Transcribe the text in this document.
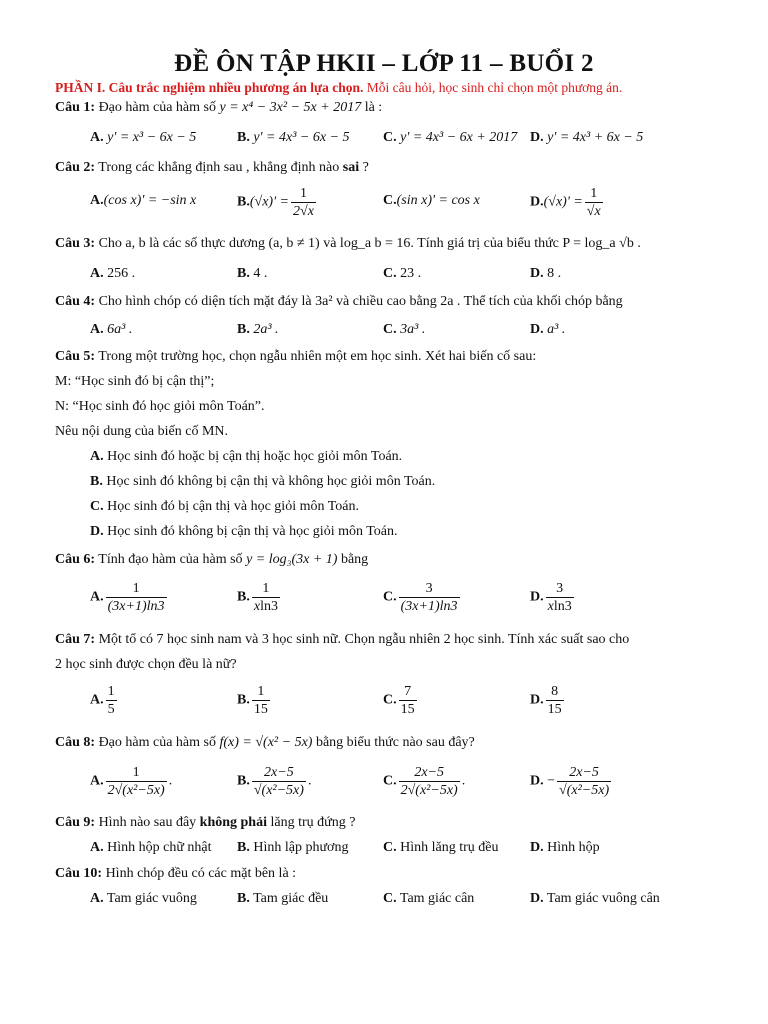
ĐỀ ÔN TẬP HKII – LỚP 11 – BUỔI 2
PHẦN I. Câu trắc nghiệm nhiều phương án lựa chọn. Mỗi câu hỏi, học sinh chỉ chọn một phương án.
Câu 1: Đạo hàm của hàm số y = x⁴ − 3x² − 5x + 2017 là :
A. y' = x³ − 6x − 5	B. y' = 4x³ − 6x − 5 C. y' = 4x³ − 6x + 2017 D. y' = 4x³ + 6x − 5
Câu 2: Trong các khẳng định sau , khẳng định nào sai ?
A.(cos x)' = −sin x	$B.(√x)' = \frac{1}{2√x}$	C.(sin x)' = cos x	$D.(√x)' = \frac{1}{√x}$
Câu 3: Cho a, b là các số thực dương (a, b ≠ 1) và log_a b = 16. Tính giá trị của biểu thức P = log_a √b .
A. 256 .	B. 4 .	C. 23 .	D. 8 .
Câu 4: Cho hình chóp có diện tích mặt đáy là 3a² và chiều cao bằng 2a . Thể tích của khối chóp bằng
A. 6a³ .	B. 2a³ .	C. 3a³ .	D. a³ .
Câu 5: Trong một trường học, chọn ngẫu nhiên một em học sinh. Xét hai biến cố sau:
M: “Học sinh đó bị cận thị”;
N: “Học sinh đó học giỏi môn Toán”.
Nêu nội dung của biến cố MN.
A. Học sinh đó hoặc bị cận thị hoặc học giỏi môn Toán.
B. Học sinh đó không bị cận thị và không học giỏi môn Toán.
C. Học sinh đó bị cận thị và học giỏi môn Toán.
D. Học sinh đó không bị cận thị và học giỏi môn Toán.
Câu 6: Tính đạo hàm của hàm số y = log₃(3x + 1) bằng
A. $\frac{1}{(3x+1)\ln 3}$	B. $\frac{1}{xln3}$	C. $\frac{3}{(3x+1)\ln 3}$	D. $\frac{3}{xln3}$
Câu 7: Một tổ có 7 học sinh nam và 3 học sinh nữ. Chọn ngẫu nhiên 2 học sinh. Tính xác suất sao cho
2 học sinh được chọn đều là nữ?
A. $\frac{1}{5}$	B. $\frac{1}{15}$	C. $\frac{7}{15}$	D. $\frac{8}{15}$
Câu 8: Đạo hàm của hàm số f(x) = √(x² − 5x) bằng biểu thức nào sau đây?
A. $\frac{1}{\text{2√(x²−5x)}}$ .	B. $\frac{2x-5}{\text{√(x²−5x)}}$ .	C. $\frac{2x-5}{\text{2√(x²−5x)}}$ .	D. − $\frac{2x-5}{\text{√(x²−5x)}}$
Câu 9: Hình nào sau đây không phải lăng trụ đứng ?
A. Hình hộp chữ nhật B. Hình lập phương C. Hình lăng trụ đều D. Hình hộp
Câu 10: Hình chóp đều có các mặt bên là :
A. Tam giác vuông	B. Tam giác đều	C. Tam giác cân	D. Tam giác vuông cân
